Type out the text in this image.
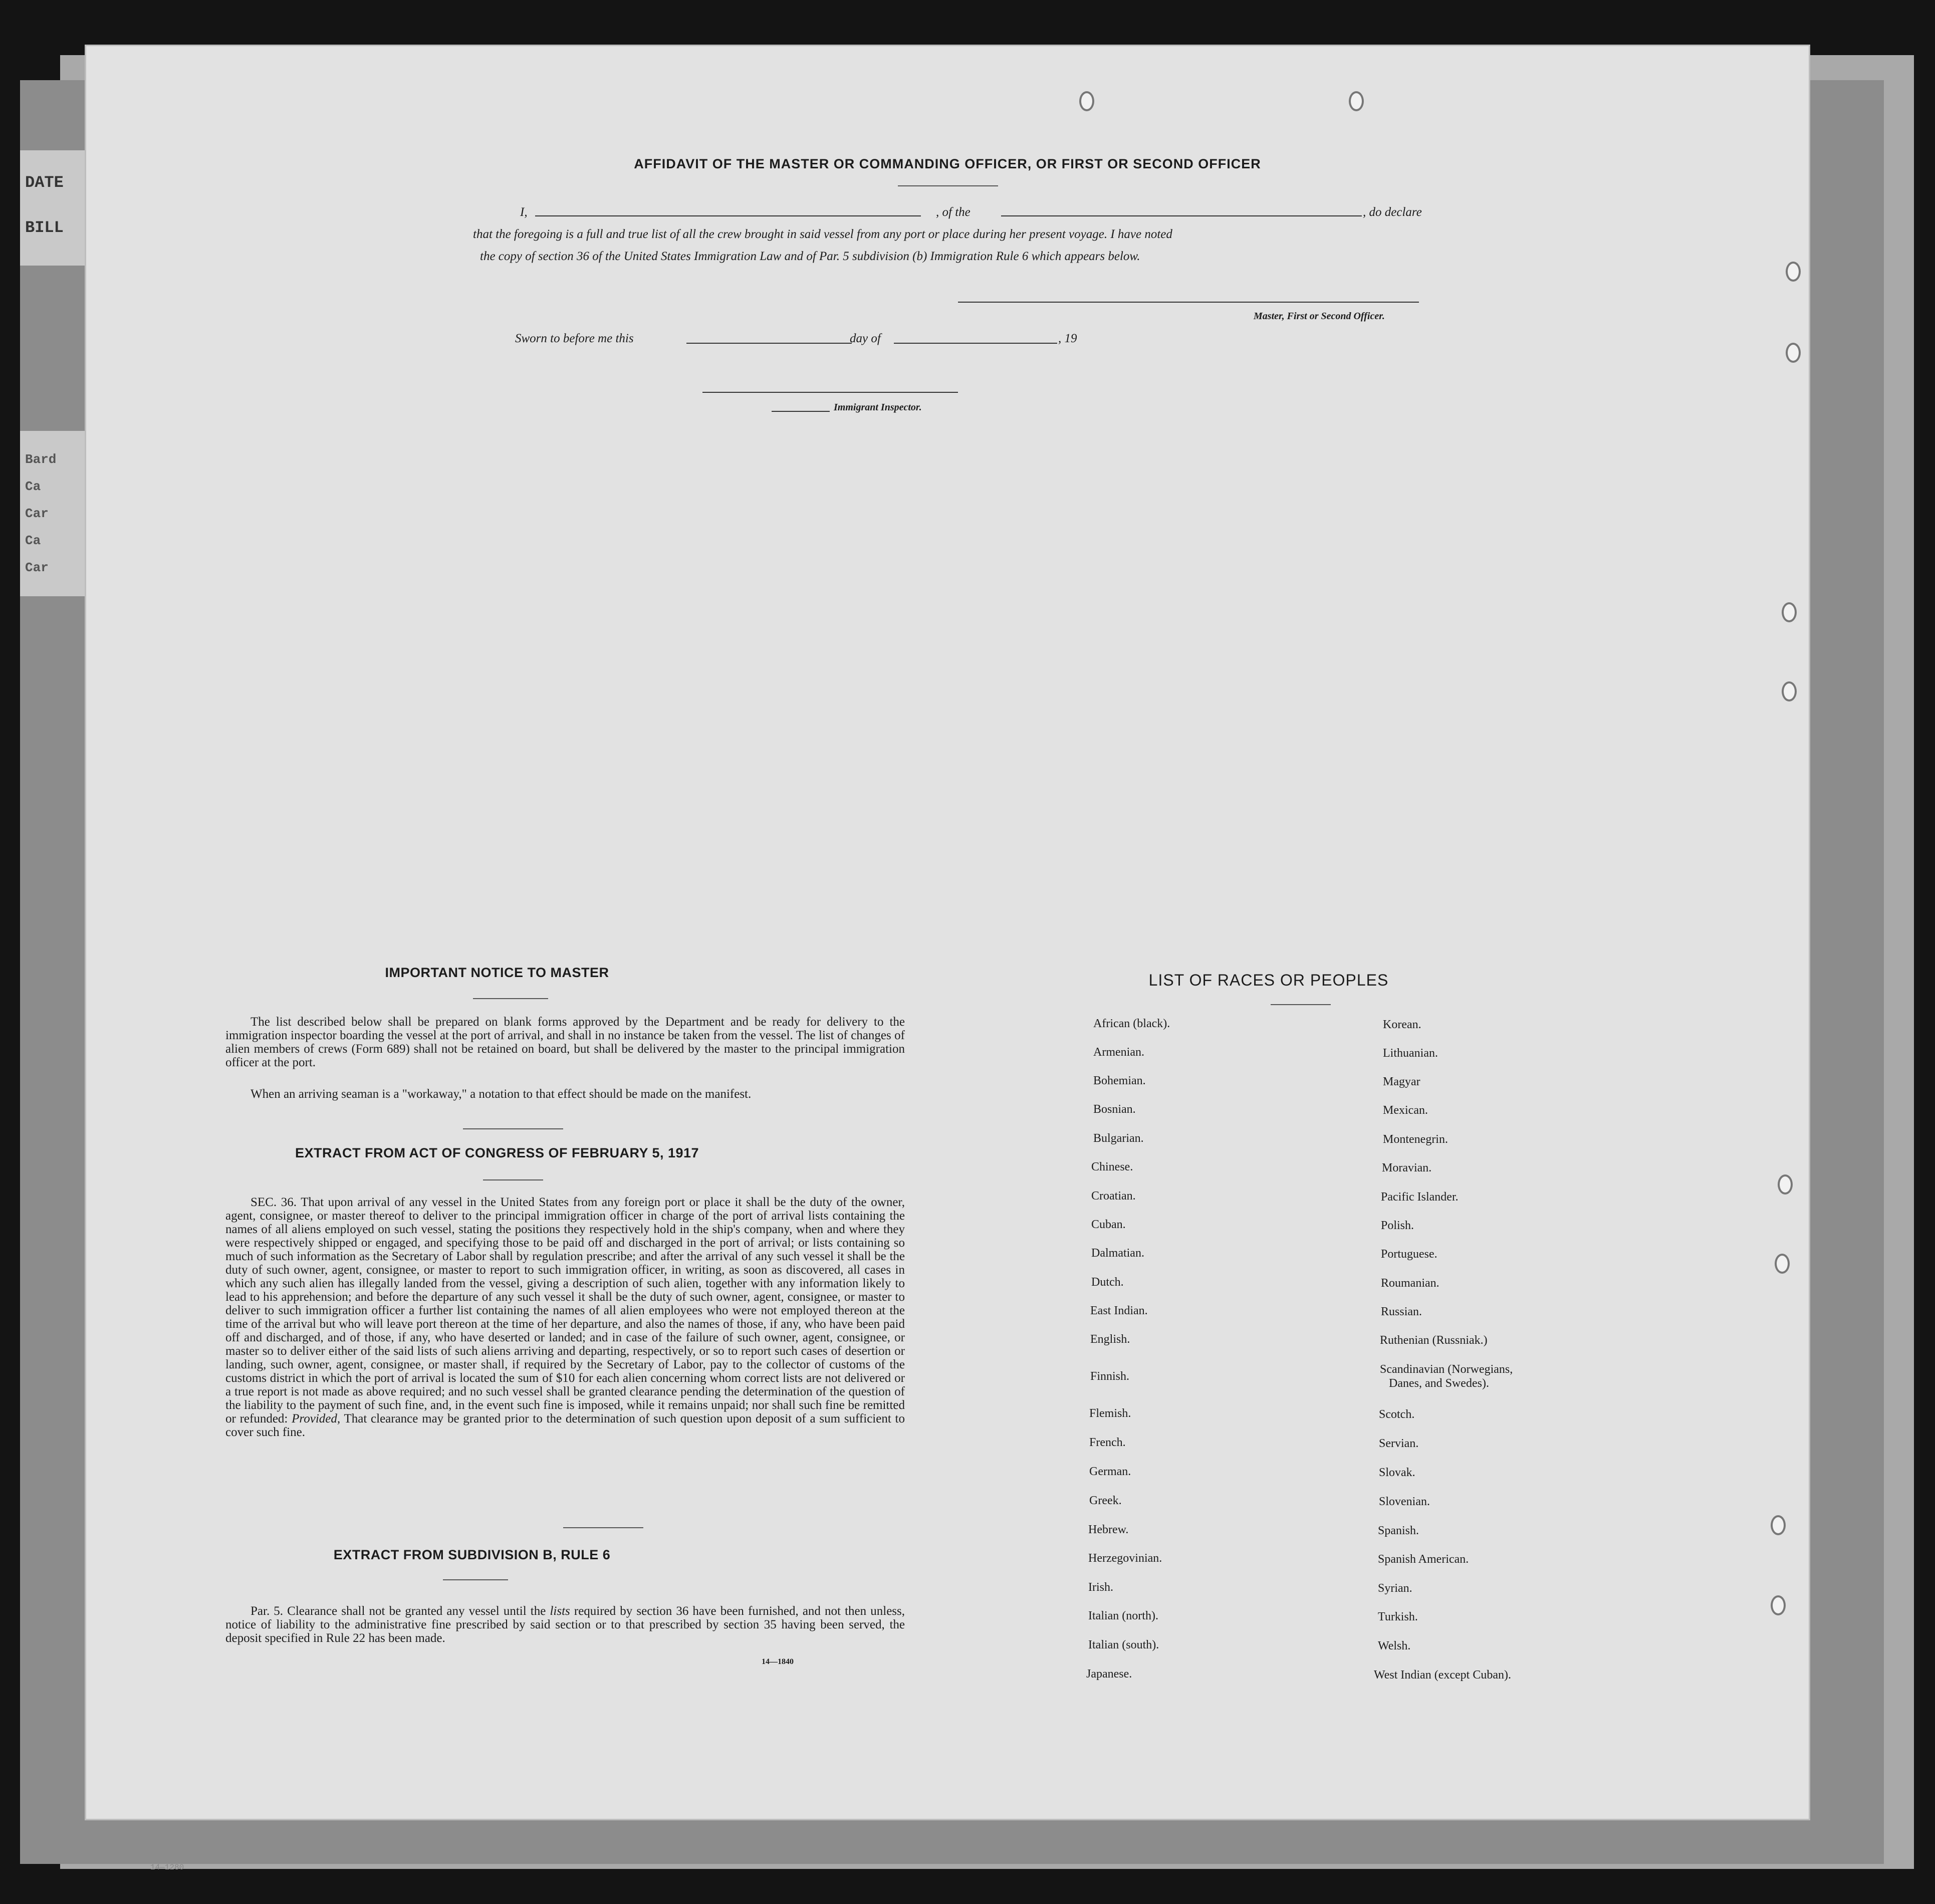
DATE
BILL
Bard
Ca
Car
Ca
Car
14—1280
AFFIDAVIT OF THE MASTER OR COMMANDING OFFICER, OR FIRST OR SECOND OFFICER
I,	, of the	, do declare
that the foregoing is a full and true list of all the crew brought in said vessel from any port or place during her present voyage. I have noted
the copy of section 36 of the United States Immigration Law and of Par. 5 subdivision (b) Immigration Rule 6 which appears below.
Master, First or Second Officer.
Sworn to before me this	day of	, 19
Immigrant Inspector.
IMPORTANT NOTICE TO MASTER
The list described below shall be prepared on blank forms approved by the Department and be ready for delivery to the immigration inspector boarding the vessel at the port of arrival, and shall in no instance be taken from the vessel. The list of changes of alien members of crews (Form 689) shall not be retained on board, but shall be delivered by the master to the principal immigration officer at the port.
When an arriving seaman is a "workaway," a notation to that effect should be made on the manifest.
EXTRACT FROM ACT OF CONGRESS OF FEBRUARY 5, 1917
SEC. 36. That upon arrival of any vessel in the United States from any foreign port or place it shall be the duty of the owner, agent, consignee, or master thereof to deliver to the principal immigration officer in charge of the port of arrival lists containing the names of all aliens employed on such vessel, stating the positions they respectively hold in the ship's company, when and where they were respectively shipped or engaged, and specifying those to be paid off and discharged in the port of arrival; or lists containing so much of such information as the Secretary of Labor shall by regulation prescribe; and after the arrival of any such vessel it shall be the duty of such owner, agent, consignee, or master to report to such immigration officer, in writing, as soon as discovered, all cases in which any such alien has illegally landed from the vessel, giving a description of such alien, together with any information likely to lead to his apprehension; and before the departure of any such vessel it shall be the duty of such owner, agent, consignee, or master to deliver to such immigration officer a further list containing the names of all alien employees who were not employed thereon at the time of the arrival but who will leave port thereon at the time of her departure, and also the names of those, if any, who have been paid off and discharged, and of those, if any, who have deserted or landed; and in case of the failure of such owner, agent, consignee, or master so to deliver either of the said lists of such aliens arriving and departing, respectively, or so to report such cases of desertion or landing, such owner, agent, consignee, or master shall, if required by the Secretary of Labor, pay to the collector of customs of the customs district in which the port of arrival is located the sum of $10 for each alien concerning whom correct lists are not delivered or a true report is not made as above required; and no such vessel shall be granted clearance pending the determination of the question of the liability to the payment of such fine, and, in the event such fine is imposed, while it remains unpaid; nor shall such fine be remitted or refunded: Provided, That clearance may be granted prior to the determination of such question upon deposit of a sum sufficient to cover such fine.
EXTRACT FROM SUBDIVISION B, RULE 6
Par. 5. Clearance shall not be granted any vessel until the lists required by section 36 have been furnished, and not then unless, notice of liability to the administrative fine prescribed by said section or to that prescribed by section 35 having been served, the deposit specified in Rule 22 has been made.
14—1840
LIST OF RACES OR PEOPLES
African (black).
Armenian.
Bohemian.
Bosnian.
Bulgarian.
Chinese.
Croatian.
Cuban.
Dalmatian.
Dutch.
East Indian.
English.
Finnish.
Flemish.
French.
German.
Greek.
Hebrew.
Herzegovinian.
Irish.
Italian (north).
Italian (south).
Japanese.
Korean.
Lithuanian.
Magyar
Mexican.
Montenegrin.
Moravian.
Pacific Islander.
Polish.
Portuguese.
Roumanian.
Russian.
Ruthenian (Russniak.)
Scandinavian (Norwegians,
Danes, and Swedes).
Scotch.
Servian.
Slovak.
Slovenian.
Spanish.
Spanish American.
Syrian.
Turkish.
Welsh.
West Indian (except Cuban).
